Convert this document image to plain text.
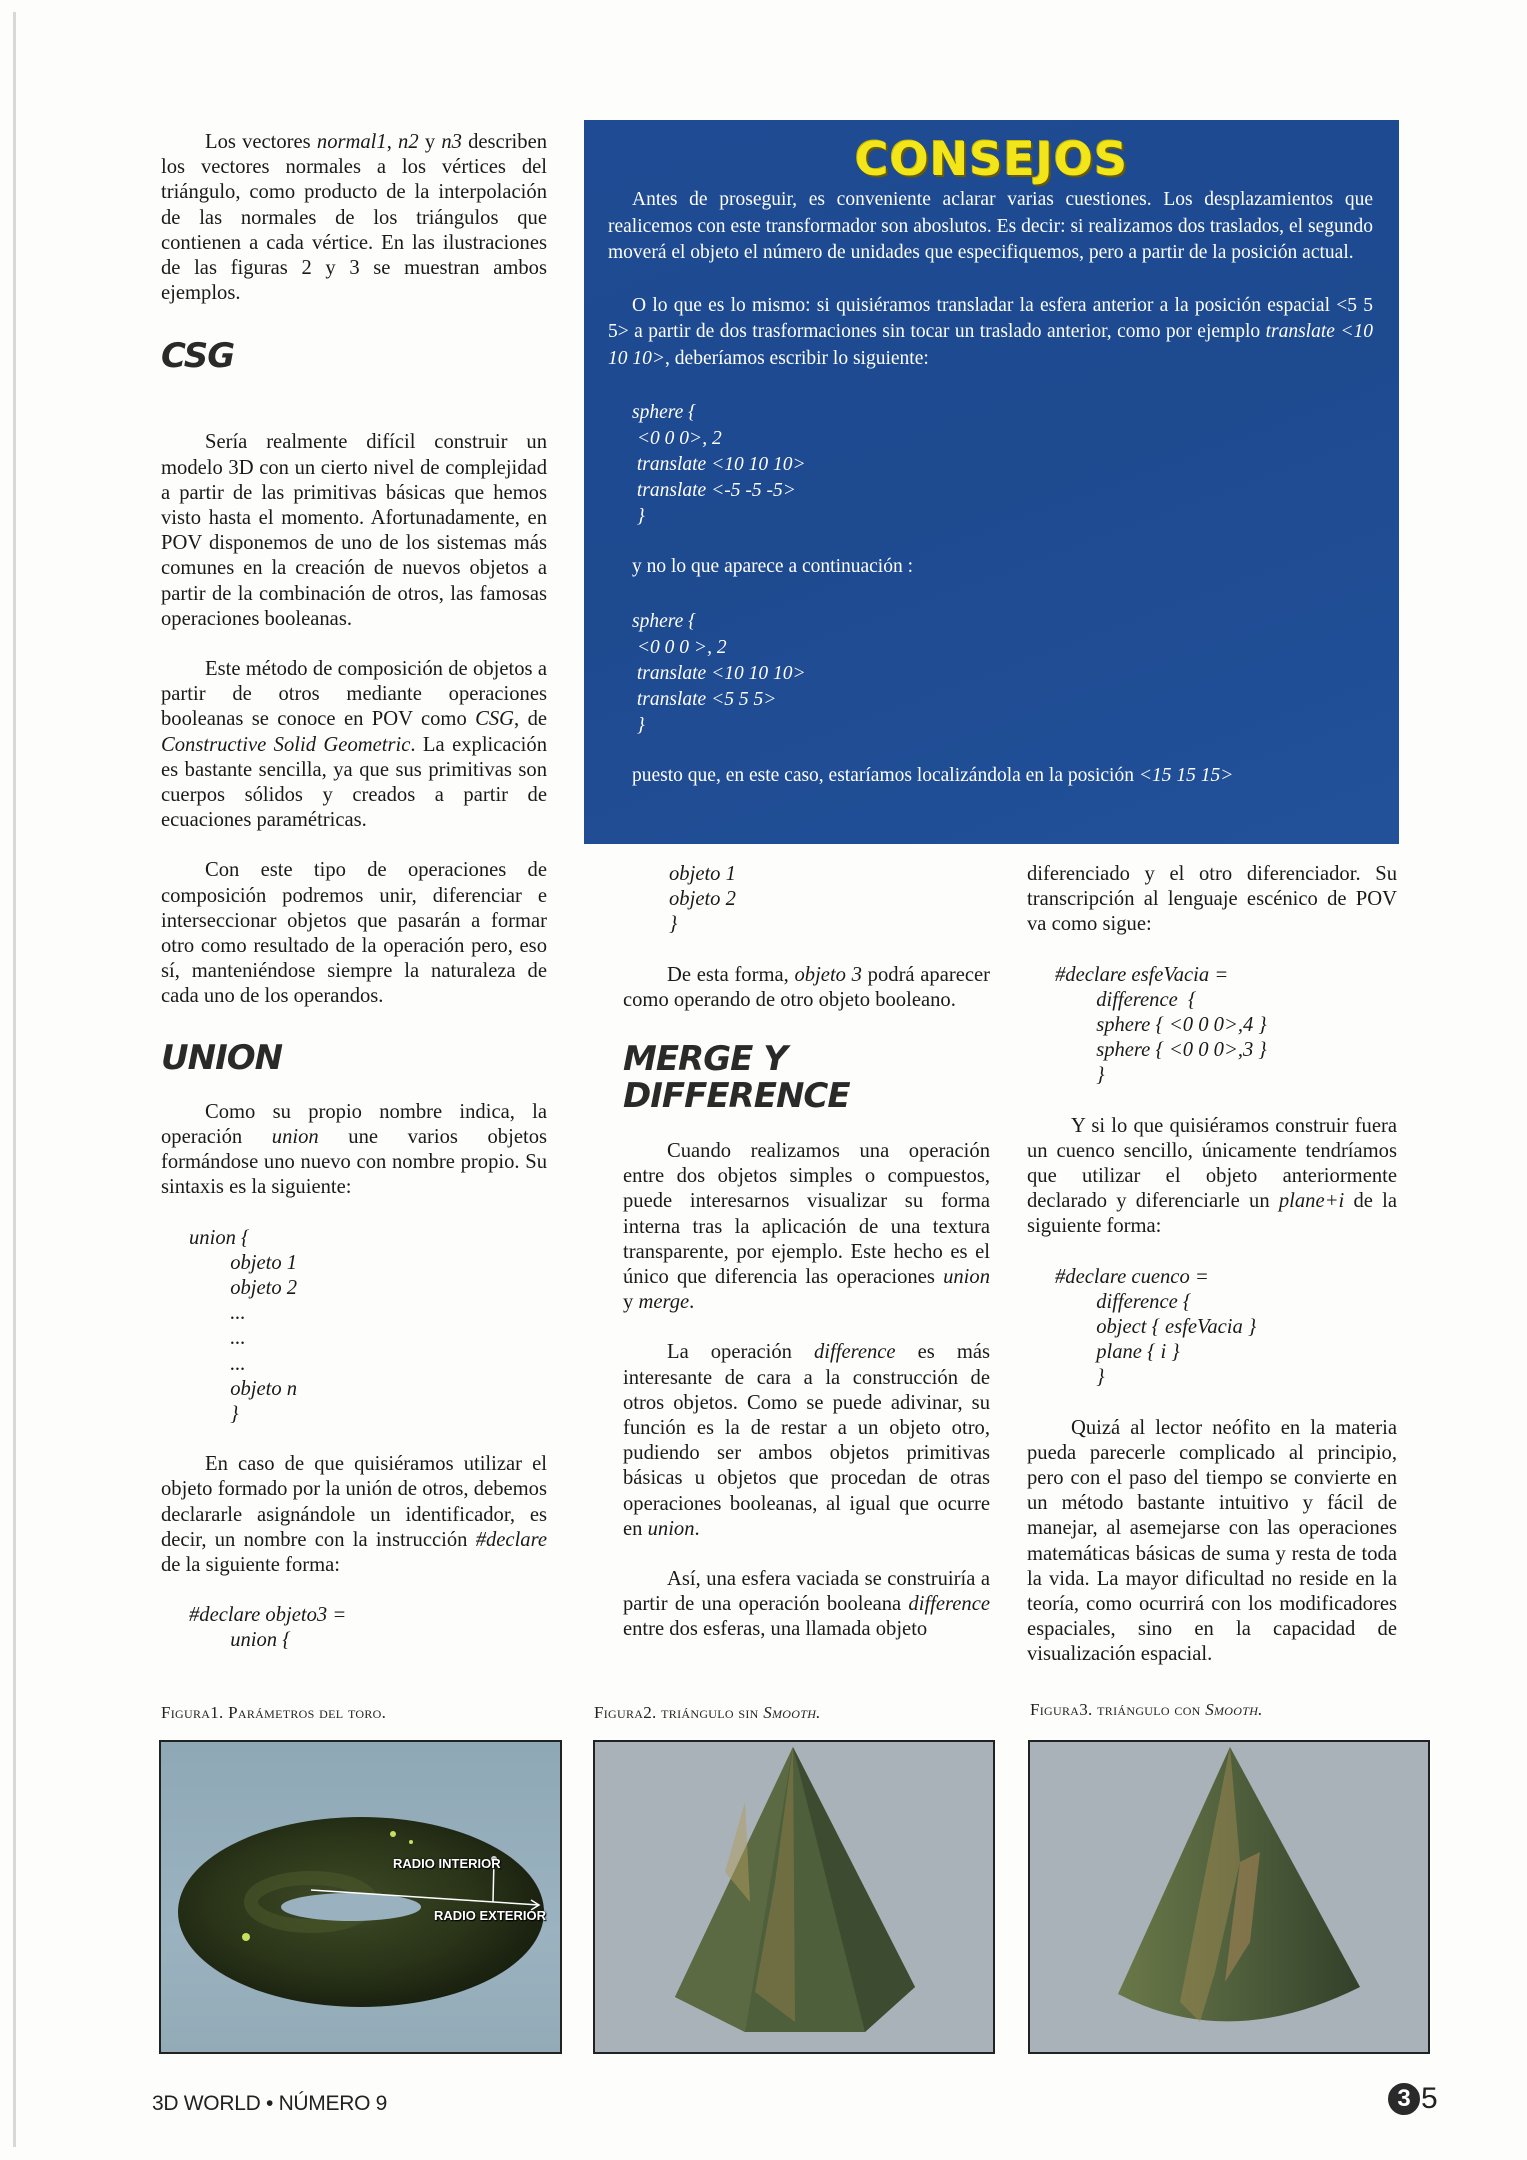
Los vectores normal1, n2 y n3 describen los vectores normales a los vértices del triángulo, como producto de la interpolación de las normales de los triángulos que contienen a cada vértice. En las ilustraciones de las figuras 2 y 3 se muestran ambos ejemplos.

CSG

Sería realmente difícil construir un modelo 3D con un cierto nivel de complejidad a partir de las primitivas básicas que hemos visto hasta el momento. Afortunadamente, en POV disponemos de uno de los sistemas más comunes en la creación de nuevos objetos a partir de la combinación de otros, las famosas operaciones booleanas.

Este método de composición de objetos a partir de otros mediante operaciones booleanas se conoce en POV como CSG, de Constructive Solid Geometric. La explicación es bastante sencilla, ya que sus primitivas son cuerpos sólidos y creados a partir de ecuaciones paramétricas.

Con este tipo de operaciones de composición podremos unir, diferenciar e interseccionar objetos que pasarán a formar otro como resultado de la operación pero, eso sí, manteniéndose siempre la naturaleza de cada uno de los operandos.

UNION

Como su propio nombre indica, la operación union une varios objetos formándose uno nuevo con nombre propio. Su sintaxis es la siguiente:

union {
objeto 1
objeto 2
...
...
...
objeto n
}

En caso de que quisiéramos utilizar el objeto formado por la unión de otros, debemos declararle asignándole un identificador, es decir, un nombre con la instrucción #declare de la siguiente forma:

#declare objeto3 =
union {
CONSEJOS

Antes de proseguir, es conveniente aclarar varias cuestiones. Los desplazamientos que realicemos con este transformador son aboslutos. Es decir: si realizamos dos traslados, el segundo moverá el objeto el número de unidades que especifiquemos, pero a partir de la posición actual.

O lo que es lo mismo: si quisiéramos transladar la esfera anterior a la posición espacial <5 5 5> a partir de dos trasformaciones sin tocar un traslado anterior, como por ejemplo translate <10 10 10>, deberíamos escribir lo siguiente:

sphere {
<0 0 0>, 2
translate <10 10 10>
translate <-5 -5 -5>
}
y no lo que aparece a continuación :
sphere {
<0 0 0 >, 2
translate <10 10 10>
translate <5 5 5>
}
puesto que, en este caso, estaríamos localizándola en la posición <15 15 15>
objeto 1
objeto 2
}

De esta forma, objeto 3 podrá aparecer como operando de otro objeto booleano.

MERGE Y
DIFFERENCE

Cuando realizamos una operación entre dos objetos simples o compuestos, puede interesarnos visualizar su forma interna tras la aplicación de una textura transparente, por ejemplo. Este hecho es el único que diferencia las operaciones union y merge.

La operación difference es más interesante de cara a la construcción de otros objetos. Como se puede adivinar, su función es la de restar a un objeto otro, pudiendo ser ambos objetos primitivas básicas u objetos que procedan de otras operaciones booleanas, al igual que ocurre en union.

Así, una esfera vaciada se construiría a partir de una operación booleana difference entre dos esferas, una llamada objeto

diferenciado y el otro diferenciador. Su transcripción al lenguaje escénico de POV va como sigue:

#declare esfeVacia =
difference  {
sphere { <0 0 0>,4 }
sphere { <0 0 0>,3 }
}

Y si lo que quisiéramos construir fuera un cuenco sencillo, únicamente tendríamos que utilizar el objeto anteriormente declarado y diferenciarle un plane+i de la siguiente forma:

#declare cuenco =
difference {
object { esfeVacia }
plane { i }
}

Quizá al lector neófito en la materia pueda parecerle complicado al principio, pero con el paso del tiempo se convierte en un método bastante intuitivo y fácil de manejar, al asemejarse con las operaciones matemáticas básicas de suma y resta de toda la vida. La mayor dificultad no reside en la teoría, como ocurrirá con los modificadores espaciales, sino en la capacidad de visualización espacial.

Figura1. Parámetros del toro.	Figura2. triángulo sin Smooth.	Figura3. triángulo con Smooth.
RADIO INTERIOR
RADIO EXTERIOR
3D WORLD • NÚMERO 9	3 5
